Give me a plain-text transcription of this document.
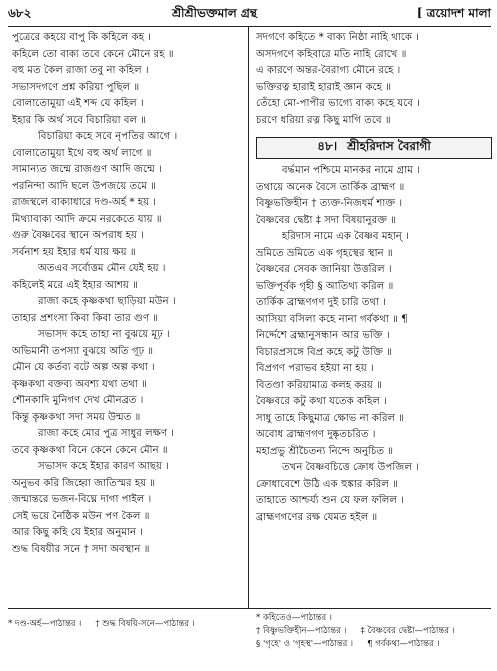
৬৮২	শ্রীশ্রীভক্তমাল গ্রন্থ	[ ত্রয়োদশ মালা
পুত্রেরে কহয়ে বাপু কি কহিলে কহ ।
কহিলে তো বাক্য তবে কেনে মৌনে রহ ॥
বহু মত কৈল রাজা তবু না কহিল ।
সভাসদগণে প্রশ্ন করিয়া পুছিল ॥
বোলাতোমুয়া এই শব্দ যে কহিল ।
ইহার কি অর্থ সবে বিচারিয়া বল ॥
বিচারিয়া কহে সবে নৃপতির আগে ।
বোলাতোমুয়া ইথে বহু অর্থ লাগে ॥
সামান্যত জন্মে রাজগুণ আদি জন্মে ।
পরনিন্দা আদি ছলে উপজয়ে তমে ॥
রাজস্থলে বাক্যাধারে দণ্ড-অর্হ * হয় ।
মিথ্যাবাক্য আদি ক্রমে নরকেতে যায় ॥
গুরু বৈষ্ণবের স্থানে অপরাধ হয় ।
সর্বনাশ হয় ইহার ধর্ম যায় ক্ষয় ॥
অতএব সর্বোত্তম মৌন যেই হয় ।
কহিলেই মরে এই ইহার আশয় ॥
রাজা কহে কৃষ্ণকথা ছাড়িয়া মউন ।
তাহার প্রশংসা কিবা কিবা তার গুণ ॥
সভাসদ কহে তাহা না বুঝয়ে মূঢ় ।
অভিমানী তপস্যা বুঝয়ে অতি গূঢ় ॥
মৌন যে কর্তব্য বটে অল্প অল্প কথা ।
কৃষ্ণকথা বক্তব্য অবশ্য যথা তথা ॥
শৌনকাদি মুনিগণ দেখ মৌনব্রত ।
কিন্তু কৃষ্ণকথা সদা সময় উন্মত ॥
রাজা কহে মোর পুত্র সাধুর লক্ষণ ।
তবে কৃষ্ণকথা বিনে কেনে কেনে মৌন ॥
সভাসদ কহে ইহার কারণ আছয় ।
অনুভব করি জিহ্বো জাতিস্মর হয় ॥
জন্মান্তরে ভজন-বিঘ্নে দাগা পাইল ।
সেই ভয়ে নৈষ্ঠিক মউন পণ কৈল ॥
আর কিছু কহি যে ইহার অনুমান ।
শুদ্ধ বিষয়ীর সনে † সদা অবস্থান ॥
সদগণে কহিতে * বাক্য নিষ্ঠা নাহি থাকে ।
অসদগণে কহিবারে মতি নাহি রোখে ॥
এ কারণে অন্তর-বৈরাগ্য মৌনে রহে ।
ভক্তিরত্ন হারাই হারাই জ্ঞান কহে ॥
তেঁহো মো-পাপীর ভাগ্যে বাক্য কহে যবে ।
চরণে ধরিয়া রত্ন কিছু মাগি তবে ॥
৪৮। শ্রীহরিদাস বৈরাগী
বর্দ্ধমান পশ্চিমে মানকর নামে গ্রাম ।
তথায়ে অনেক বৈসে তার্কিক ব্রাহ্মণ ॥
বিষ্ণুভক্তিহীন † ত্যক্ত-নিজধর্ম শাক্ত ।
বৈষ্ণবের দ্বেষ্টা ‡ সদা বিষয়ানুরক্ত ॥
হরিদাস নামে এক বৈষ্ণব মহান্‌ ।
ভ্রমিতে ভ্রমিতে এক গৃহস্থের স্থান ॥
বৈষ্ণবের সেবক জানিয়া উত্তরিল ।
ভক্তিপূর্বক গৃহী § আতিথ্য করিল ॥
তার্কিক ব্রাহ্মণগণ দুই চারি তথা ।
আসিয়া বসিলা কহে নানা গর্বকথা ॥ ¶
নির্দ্দেশে ব্রহ্মানুসন্ধান আর ভক্তি ।
বিচারপ্রসঙ্গে বিপ্র কহে কটু উক্তি ॥
বিপ্রগণ পরাভব হইয়া না হয় ।
বিতণ্ডা করিয়ামাত্র কলহ করয় ॥
বৈষ্ণবরে কটু কথা যতেক কহিল ।
সাধু তাহে কিছুমাত্র ক্ষোভ না করিল ॥
অবোধ ব্রাহ্মণগণ দুষ্কৃতচরিত ।
মহাপ্রভু শ্রীচৈতন্য নিন্দে অনুচিত ॥
তখন বৈষ্ণবচিত্তে ক্রোধ উপজিল ।
ক্রোধাবেশে উঠি এক হুঙ্কার করিল ॥
তাহাতে আশ্চর্য্য শুন যে ফল ফলিল ।
ব্রাহ্মণগণের রক্ষ যেমত হইল ॥
* দণ্ড-অর্হ—পাঠান্তর । † শুদ্ধ বিষয়ি-সনে—পাঠান্তর ।
* কহিতেও—পাঠান্তর ।
† বিষ্ণুভক্তিহীন—পাঠান্তর । ‡ বৈষ্ণবের দ্বেষ্টা—পাঠান্তর ।
§ 'গৃহে' ও 'গৃহস্থ'—পাঠান্তর । ¶ গর্বকথা—পাঠান্তর ।
